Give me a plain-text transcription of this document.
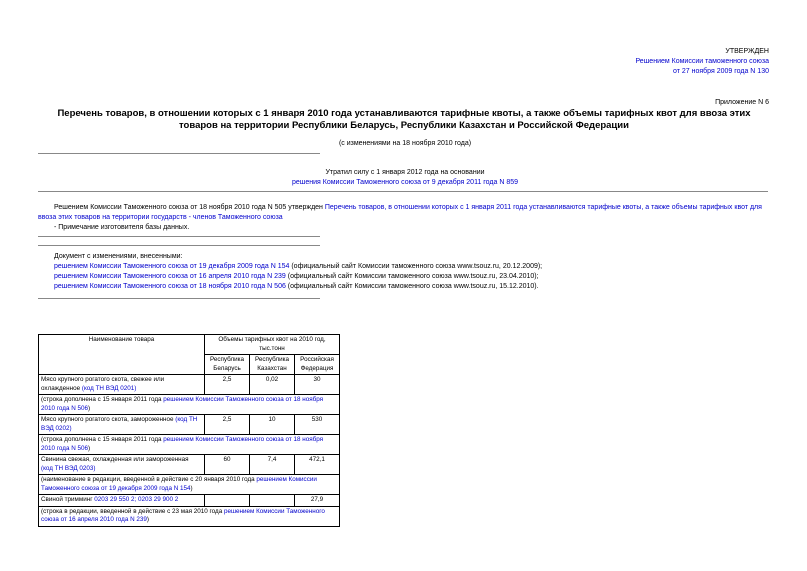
УТВЕРЖДЕН
Решением Комиссии таможенного союза
от 27 ноября 2009 года N 130
Приложение N 6
Перечень товаров, в отношении которых с 1 января 2010 года устанавливаются тарифные квоты, а также объемы тарифных квот для ввоза этих товаров на территории Республики Беларусь, Республики Казахстан и Российской Федерации
(с изменениями на 18 ноября 2010 года)
Утратил силу с 1 января 2012 года на основании
решения Комиссии Таможенного союза от 9 декабря 2011 года N 859
Решением Комиссии Таможенного союза от 18 ноября 2010 года N 505 утвержден Перечень товаров, в отношении которых с 1 января 2011 года устанавливаются тарифные квоты, а также объемы тарифных квот для ввоза этих товаров на территории государств - членов Таможенного союза
- Примечание изготовителя базы данных.
Документ с изменениями, внесенными:
решением Комиссии Таможенного союза от 19 декабря 2009 года N 154 (официальный сайт Комиссии таможенного союза www.tsouz.ru, 20.12.2009);
решением Комиссии Таможенного союза от 16 апреля 2010 года N 239 (официальный сайт Комиссии таможенного союза www.tsouz.ru, 23.04.2010);
решением Комиссии Таможенного союза от 18 ноября 2010 года N 506 (официальный сайт Комиссии таможенного союза www.tsouz.ru, 15.12.2010).
Наименование товара	Объемы тарифных квот на 2010 год, тыс.тонн		
	Республика Беларусь	Республика Казахстан	Российская Федерация
Мясо крупного рогатого скота, свежее или охлажденное (код ТН ВЭД 0201)	2,5	0,02	30
(строка дополнена с 15 января 2011 года решением Комиссии Таможенного союза от 18 ноября 2010 года N 506)			
Мясо крупного рогатого скота, замороженное (код ТН ВЭД 0202)	2,5	10	530
(строка дополнена с 15 января 2011 года решением Комиссии Таможенного союза от 18 ноября 2010 года N 506)			
Свинина свежая, охлажденная или замороженная (код ТН ВЭД 0203)	60	7,4	472,1
(наименование в редакции, введенной в действие с 20 января 2010 года решением Комиссии Таможенного союза от 19 декабря 2009 года N 154)			
Свиной тримминг 0203 29 550 2; 0203 29 900 2			27,9
(строка в редакции, введенной в действие с 23 мая 2010 года решением Комиссии Таможенного союза от 16 апреля 2010 года N 239)			
